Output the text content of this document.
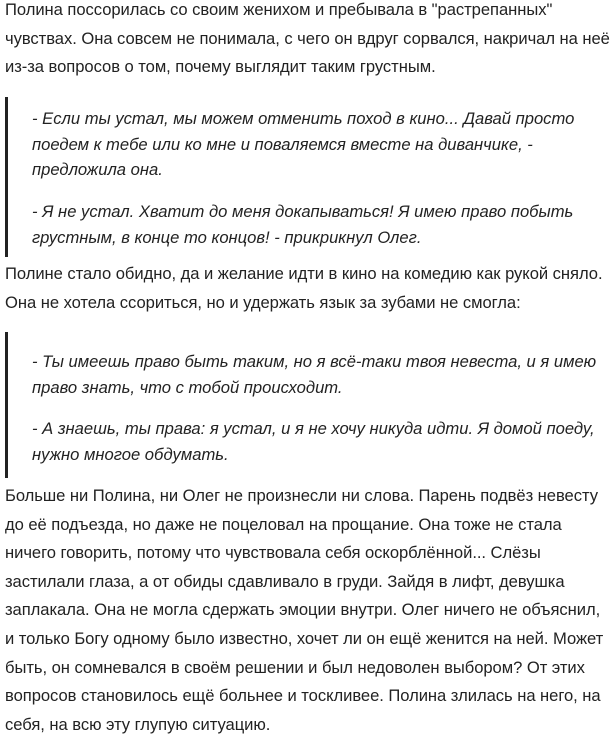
Полина поссорилась со своим женихом и пребывала в "растрепанных" чувствах. Она совсем не понимала, с чего он вдруг сорвался, накричал на неё из-за вопросов о том, почему выглядит таким грустным.

- Если ты устал, мы можем отменить поход в кино... Давай просто поедем к тебе или ко мне и поваляемся вместе на диванчике, - предложила она.

- Я не устал. Хватит до меня докапываться! Я имею право побыть грустным, в конце то концов! - прикрикнул Олег.

Полине стало обидно, да и желание идти в кино на комедию как рукой сняло. Она не хотела ссориться, но и удержать язык за зубами не смогла:

- Ты имеешь право быть таким, но я всё-таки твоя невеста, и я имею право знать, что с тобой происходит.

- А знаешь, ты права: я устал, и я не хочу никуда идти. Я домой поеду, нужно многое обдумать.

Больше ни Полина, ни Олег не произнесли ни слова. Парень подвёз невесту до её подъезда, но даже не поцеловал на прощание. Она тоже не стала ничего говорить, потому что чувствовала себя оскорблённой... Слёзы застилали глаза, а от обиды сдавливало в груди. Зайдя в лифт, девушка заплакала. Она не могла сдержать эмоции внутри. Олег ничего не объяснил, и только Богу одному было известно, хочет ли он ещё женится на ней. Может быть, он сомневался в своём решении и был недоволен выбором? От этих вопросов становилось ещё больнее и тоскливее. Полина злилась на него, на себя, на всю эту глупую ситуацию.
